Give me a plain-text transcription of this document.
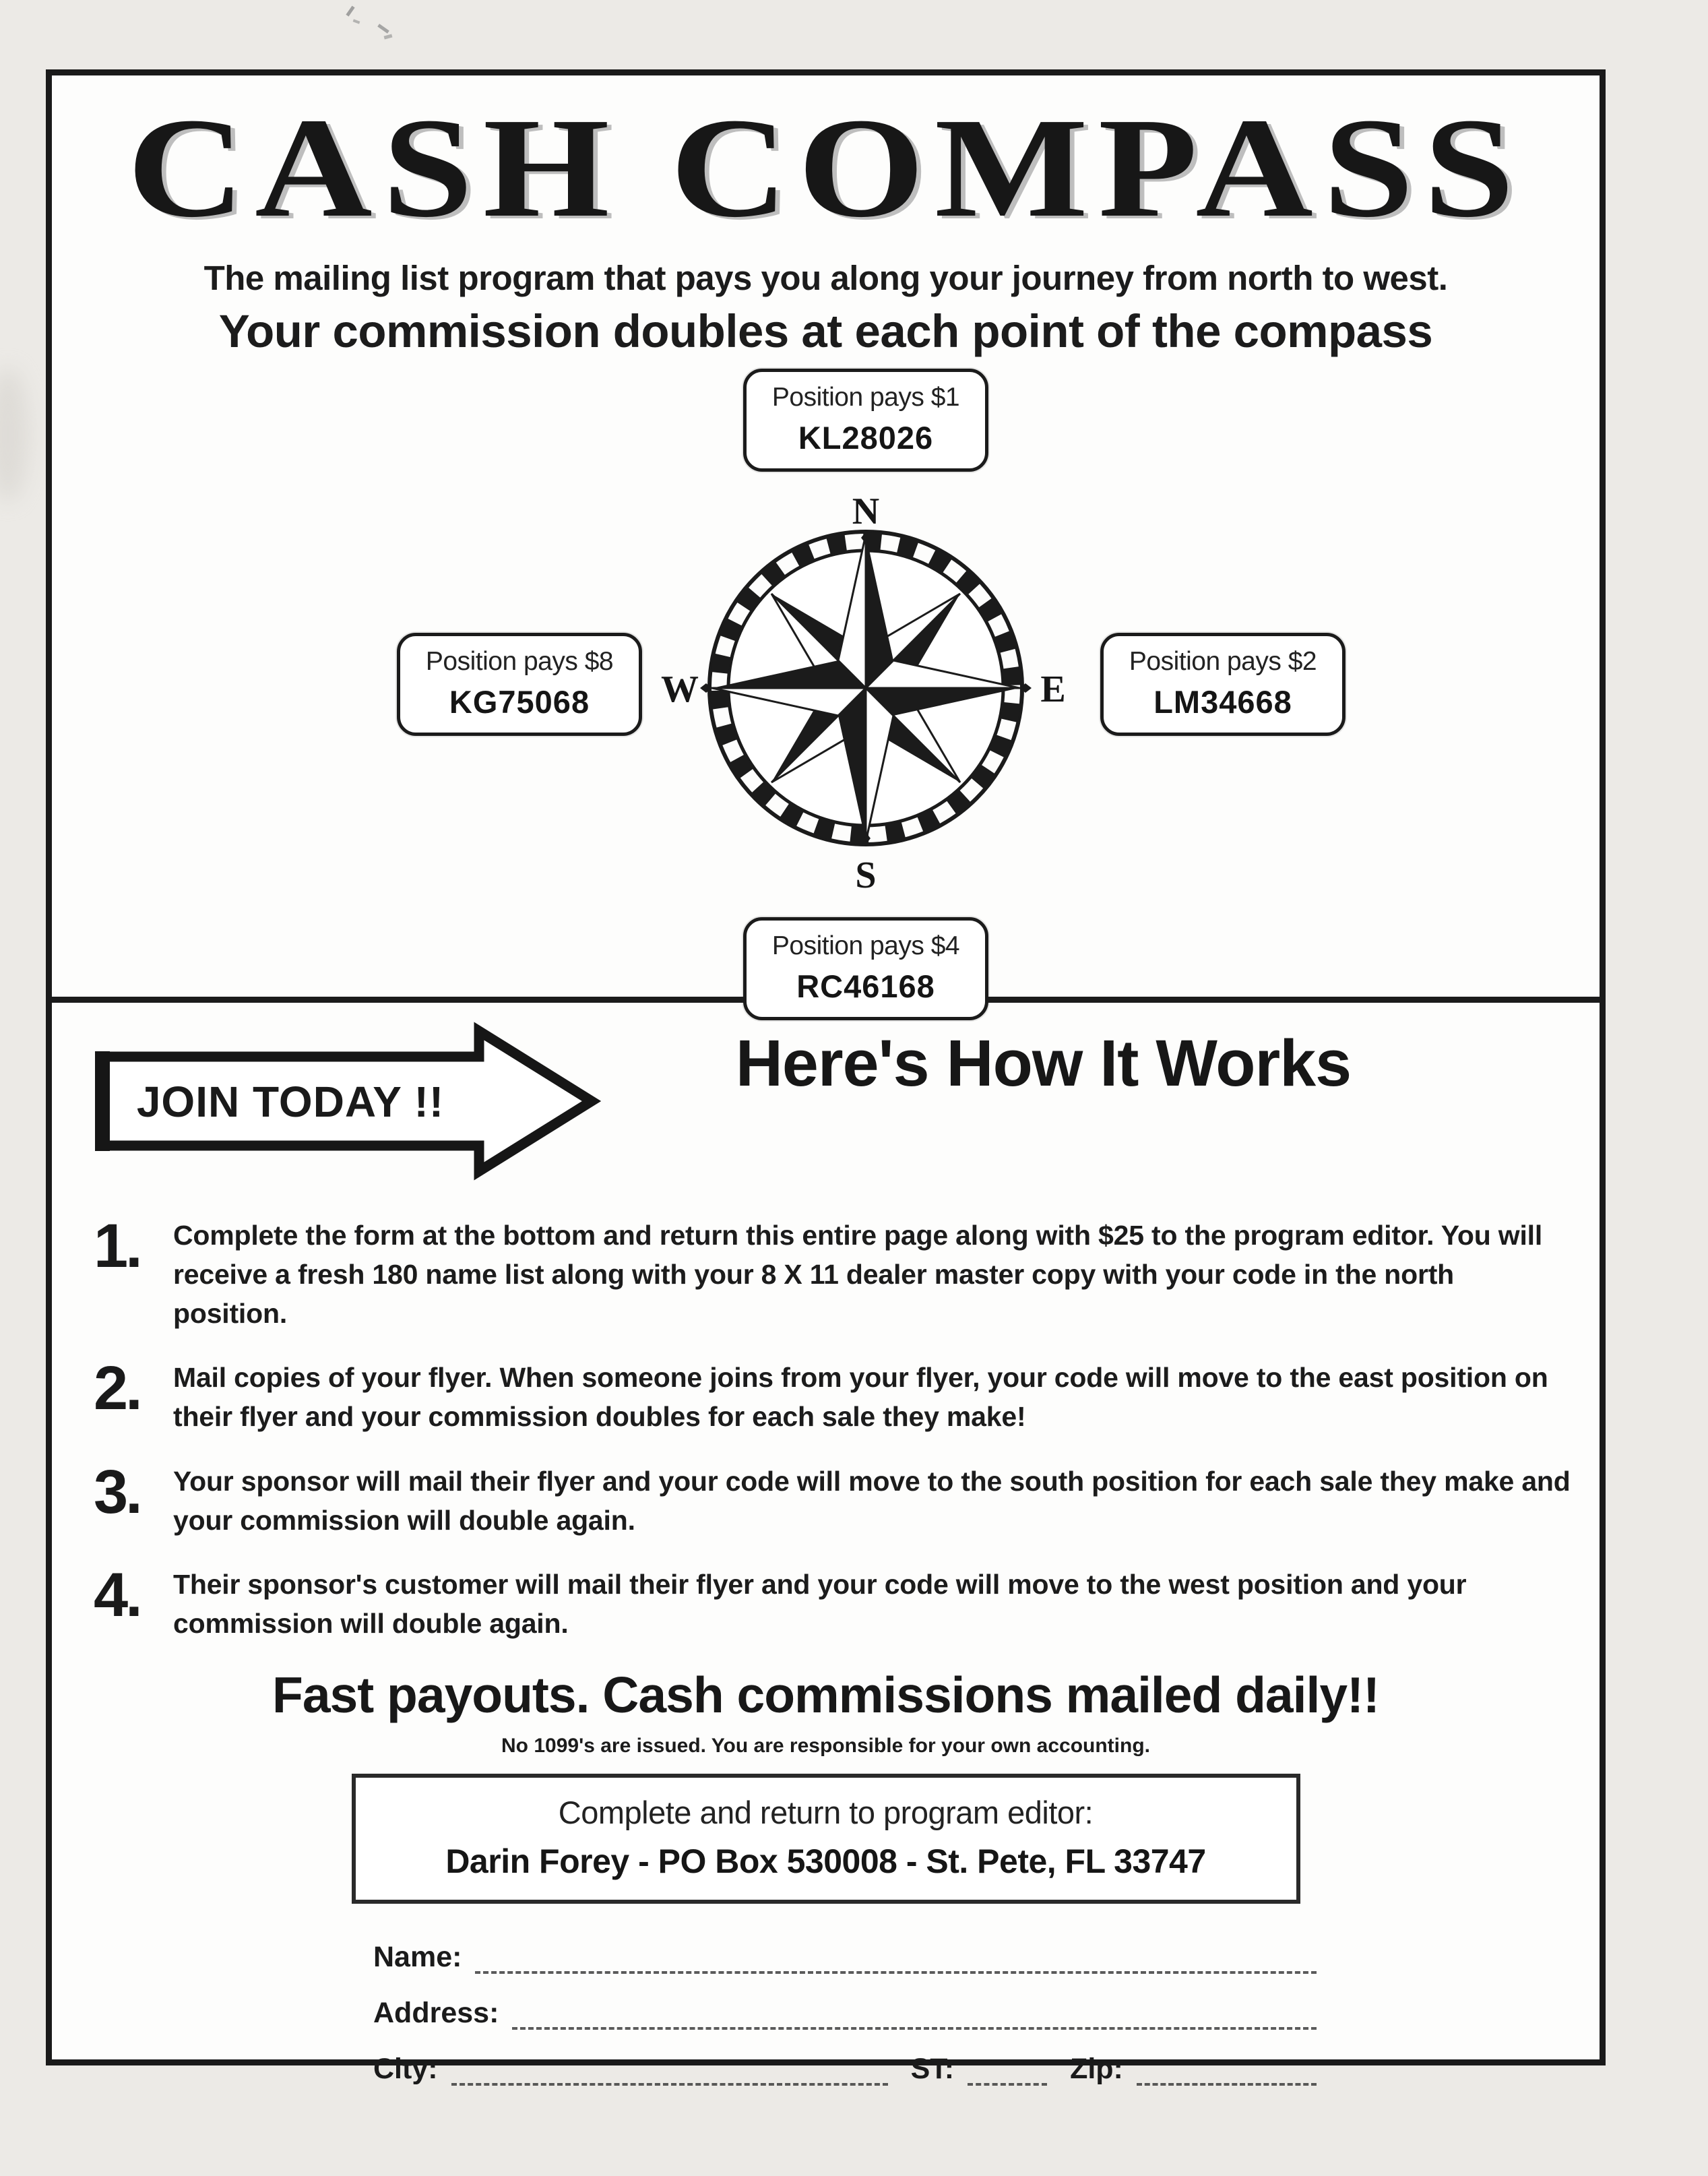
CASH COMPASS
The mailing list program that pays you along your journey from north to west.
Your commission doubles at each point of the compass
Position pays $1
KL28026
Position pays $8
KG75068
Position pays $2
LM34668
Position pays $4
RC46168
N
S
W	E
JOIN TODAY !!
Here's How It Works
1.	Complete the form at the bottom and return this entire page along with $25 to the program editor. You will receive a fresh 180 name list along with your 8 X 11 dealer master copy with your code in the north position.
2.	Mail copies of your flyer. When someone joins from your flyer, your code will move to the east position on their flyer and your commission doubles for each sale they make!
3.	Your sponsor will mail their flyer and your code will move to the south position for each sale they make and your commission will double again.
4.	Their sponsor's customer will mail their flyer and your code will move to the west position and your commission will double again.
Fast payouts. Cash commissions mailed daily!!
No 1099's are issued. You are responsible for your own accounting.
Complete and return to program editor:
Darin Forey - PO Box 530008 - St. Pete, FL 33747
Name:
Address:
City:	ST:	Zip:
